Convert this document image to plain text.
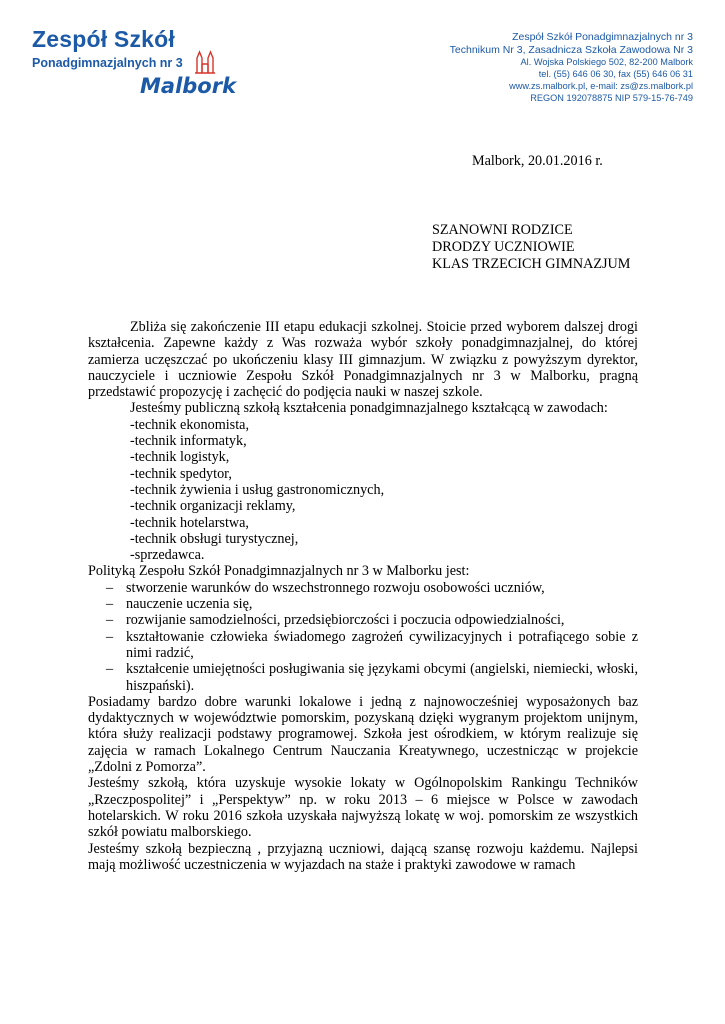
Zespół Szkół
Ponadgimnazjalnych nr 3
Malbork
Zespół Szkół Ponadgimnazjalnych nr 3
Technikum Nr 3, Zasadnicza Szkoła Zawodowa Nr 3
Al. Wojska Polskiego 502, 82-200 Malbork
tel. (55) 646 06 30, fax (55) 646 06 31
www.zs.malbork.pl, e-mail: zs@zs.malbork.pl
REGON 192078875 NIP 579-15-76-749
Malbork, 20.01.2016 r.
SZANOWNI RODZICE
DRODZY UCZNIOWIE
KLAS TRZECICH GIMNAZJUM

Zbliża się zakończenie III etapu edukacji szkolnej. Stoicie przed wyborem dalszej drogi kształcenia. Zapewne każdy z Was rozważa wybór szkoły ponadgimnazjalnej, do której zamierza uczęszczać po ukończeniu klasy III gimnazjum. W związku z powyższym dyrektor, nauczyciele i uczniowie Zespołu Szkół Ponadgimnazjalnych nr 3 w Malborku, pragną przedstawić propozycję i zachęcić do podjęcia nauki w naszej szkole.

Jesteśmy publiczną szkołą kształcenia ponadgimnazjalnego kształcącą w zawodach:

-technik ekonomista,
-technik informatyk,
-technik logistyk,
-technik spedytor,
-technik żywienia i usług gastronomicznych,
-technik organizacji reklamy,
-technik hotelarstwa,
-technik obsługi turystycznej,
-sprzedawca.

Polityką Zespołu Szkół Ponadgimnazjalnych nr 3 w Malborku jest:

– stworzenie warunków do wszechstronnego rozwoju osobowości uczniów,
– nauczenie uczenia się,
– rozwijanie samodzielności, przedsiębiorczości i poczucia odpowiedzialności,
– kształtowanie człowieka świadomego zagrożeń cywilizacyjnych i potrafiącego sobie z nimi radzić,
– kształcenie umiejętności posługiwania się językami obcymi (angielski, niemiecki, włoski, hiszpański).

Posiadamy bardzo dobre warunki lokalowe i jedną z najnowocześniej wyposażonych baz dydaktycznych w województwie pomorskim, pozyskaną dzięki wygranym projektom unijnym, która służy realizacji podstawy programowej. Szkoła jest ośrodkiem, w którym realizuje się zajęcia w ramach Lokalnego Centrum Nauczania Kreatywnego, uczestnicząc w projekcie „Zdolni z Pomorza”.

Jesteśmy szkołą, która uzyskuje wysokie lokaty w Ogólnopolskim Rankingu Techników „Rzeczpospolitej” i „Perspektyw” np. w roku 2013 – 6 miejsce w Polsce w zawodach hotelarskich. W roku 2016 szkoła uzyskała najwyższą lokatę w woj. pomorskim ze wszystkich szkół powiatu malborskiego.

Jesteśmy szkołą bezpieczną , przyjazną uczniowi, dającą szansę rozwoju każdemu. Najlepsi mają możliwość uczestniczenia w wyjazdach na staże i praktyki zawodowe w ramach
